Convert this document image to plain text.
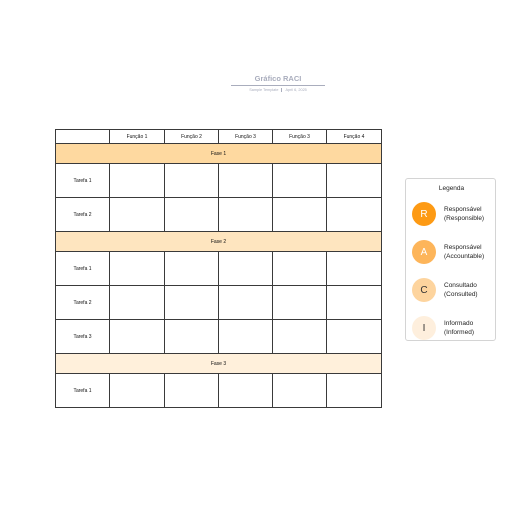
Gráfico RACI
Sample Template April 6, 2025
	Função 1	Função 2	Função 3	Função 3	Função 4
Fase 1					
Tarefa 1					
Tarefa 2					
Fase 2					
Tarefa 1					
Tarefa 2					
Tarefa 3					
Fase 3					
Tarefa 1					
Legenda
R	Responsável
(Responsible)
A	Responsável
(Accountable)
C	Consultado
(Consulted)
I	Informado
(Informed)
